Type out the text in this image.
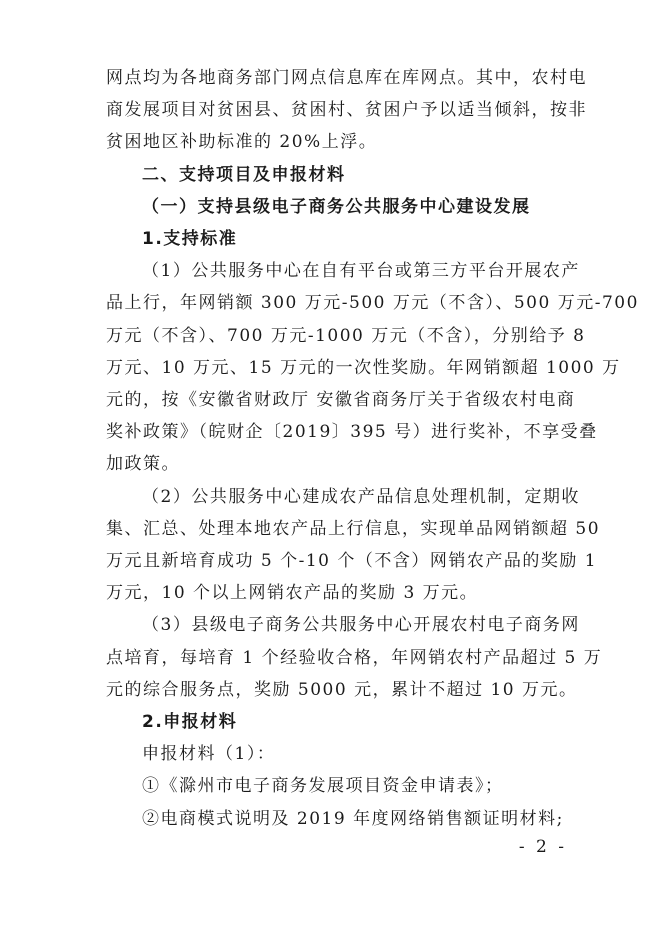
网点均为各地商务部门网点信息库在库网点。其中，农村电
商发展项目对贫困县、贫困村、贫困户予以适当倾斜，按非
贫困地区补助标准的 20%上浮。
二、支持项目及申报材料
（一）支持县级电子商务公共服务中心建设发展
1.支持标准
（1）公共服务中心在自有平台或第三方平台开展农产
品上行，年网销额 300 万元-500 万元（不含）、500 万元-700
万元（不含）、700 万元-1000 万元（不含），分别给予 8
万元、10 万元、15 万元的一次性奖励。年网销额超 1000 万
元的，按《安徽省财政厅 安徽省商务厅关于省级农村电商
奖补政策》（皖财企〔2019〕395 号）进行奖补，不享受叠
加政策。
（2）公共服务中心建成农产品信息处理机制，定期收
集、汇总、处理本地农产品上行信息，实现单品网销额超 50
万元且新培育成功 5 个-10 个（不含）网销农产品的奖励 1
万元，10 个以上网销农产品的奖励 3 万元。
（3）县级电子商务公共服务中心开展农村电子商务网
点培育，每培育 1 个经验收合格，年网销农村产品超过 5 万
元的综合服务点，奖励 5000 元，累计不超过 10 万元。
2.申报材料
申报材料（1）：
①《滁州市电子商务发展项目资金申请表》；
②电商模式说明及 2019 年度网络销售额证明材料;
- 2 -
